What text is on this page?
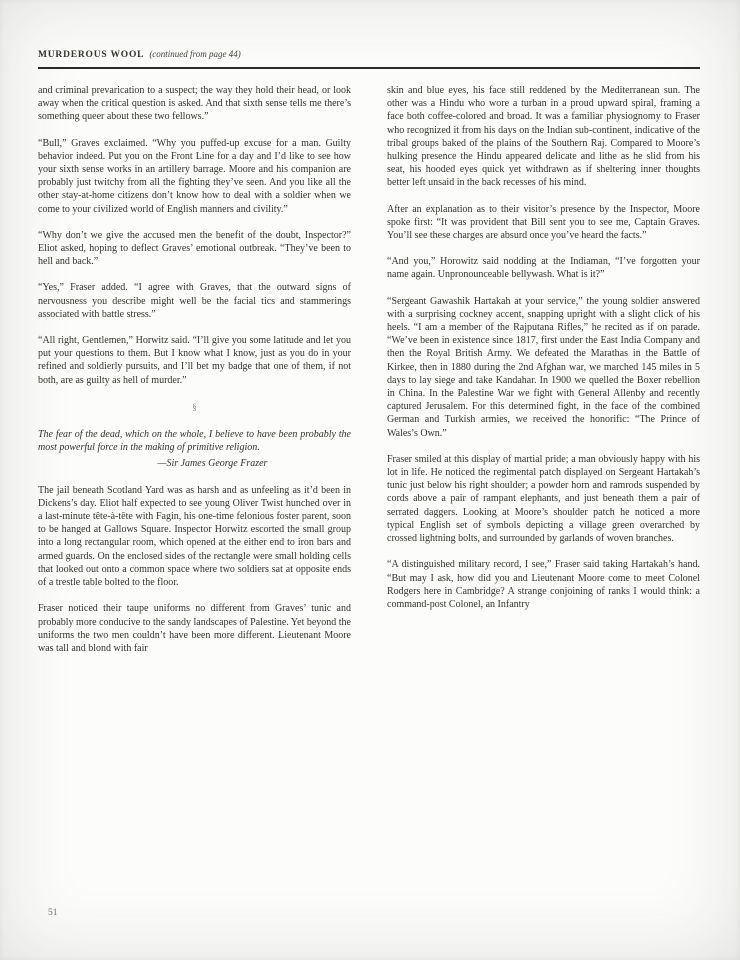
MURDEROUS WOOL (continued from page 44)

and criminal prevarication to a suspect; the way they hold their head, or look away when the critical question is asked. And that sixth sense tells me there’s something queer about these two fellows.”

“Bull,” Graves exclaimed. “Why you puffed-up excuse for a man. Guilty behavior indeed. Put you on the Front Line for a day and I’d like to see how your sixth sense works in an artillery barrage. Moore and his companion are probably just twitchy from all the fighting they’ve seen. And you like all the other stay-at-home citizens don’t know how to deal with a soldier when we come to your civilized world of English manners and civility.”

“Why don’t we give the accused men the benefit of the doubt, Inspector?” Eliot asked, hoping to deflect Graves’ emotional outbreak. “They’ve been to hell and back.”

“Yes,” Fraser added. “I agree with Graves, that the outward signs of nervousness you describe might well be the facial tics and stammerings associated with battle stress.”

“All right, Gentlemen,” Horwitz said. “I’ll give you some latitude and let you put your questions to them. But I know what I know, just as you do in your refined and soldierly pursuits, and I’ll bet my badge that one of them, if not both, are as guilty as hell of murder.”

§

The fear of the dead, which on the whole, I believe to have been probably the most powerful force in the making of primitive religion.

—Sir James George Frazer

The jail beneath Scotland Yard was as harsh and as unfeeling as it’d been in Dickens’s day. Eliot half expected to see young Oliver Twist hunched over in a last-minute tête-à-tête with Fagin, his one-time felonious foster parent, soon to be hanged at Gallows Square. Inspector Horwitz escorted the small group into a long rectangular room, which opened at the either end to iron bars and armed guards. On the enclosed sides of the rectangle were small holding cells that looked out onto a common space where two soldiers sat at opposite ends of a trestle table bolted to the floor.

Fraser noticed their taupe uniforms no different from Graves’ tunic and probably more conducive to the sandy landscapes of Palestine. Yet beyond the uniforms the two men couldn’t have been more different. Lieutenant Moore was tall and blond with fair

skin and blue eyes, his face still reddened by the Mediterranean sun. The other was a Hindu who wore a turban in a proud upward spiral, framing a face both coffee-colored and broad. It was a familiar physiognomy to Fraser who recognized it from his days on the Indian sub-continent, indicative of the tribal groups baked of the plains of the Southern Raj. Compared to Moore’s hulking presence the Hindu appeared delicate and lithe as he slid from his seat, his hooded eyes quick yet withdrawn as if sheltering inner thoughts better left unsaid in the back recesses of his mind.

After an explanation as to their visitor’s presence by the Inspector, Moore spoke first: “It was provident that Bill sent you to see me, Captain Graves. You’ll see these charges are absurd once you’ve heard the facts.”

“And you,” Horowitz said nodding at the Indiaman, “I’ve forgotten your name again. Unpronounceable bellywash. What is it?”

“Sergeant Gawashik Hartakah at your service,” the young soldier answered with a surprising cockney accent, snapping upright with a slight click of his heels. “I am a member of the Rajputana Rifles,” he recited as if on parade. “We’ve been in existence since 1817, first under the East India Company and then the Royal British Army. We defeated the Marathas in the Battle of Kirkee, then in 1880 during the 2nd Afghan war, we marched 145 miles in 5 days to lay siege and take Kandahar. In 1900 we quelled the Boxer rebellion in China. In the Palestine War we fight with General Allenby and recently captured Jerusalem. For this determined fight, in the face of the combined German and Turkish armies, we received the honorific: “The Prince of Wales’s Own.”

Fraser smiled at this display of martial pride; a man obviously happy with his lot in life. He noticed the regimental patch displayed on Sergeant Hartakah’s tunic just below his right shoulder; a powder horn and ramrods suspended by cords above a pair of rampant elephants, and just beneath them a pair of serrated daggers. Looking at Moore’s shoulder patch he noticed a more typical English set of symbols depicting a village green overarched by crossed lightning bolts, and surrounded by garlands of woven branches.

“A distinguished military record, I see,” Fraser said taking Hartakah’s hand. “But may I ask, how did you and Lieutenant Moore come to meet Colonel Rodgers here in Cambridge? A strange conjoining of ranks I would think: a command-post Colonel, an Infantry

51
